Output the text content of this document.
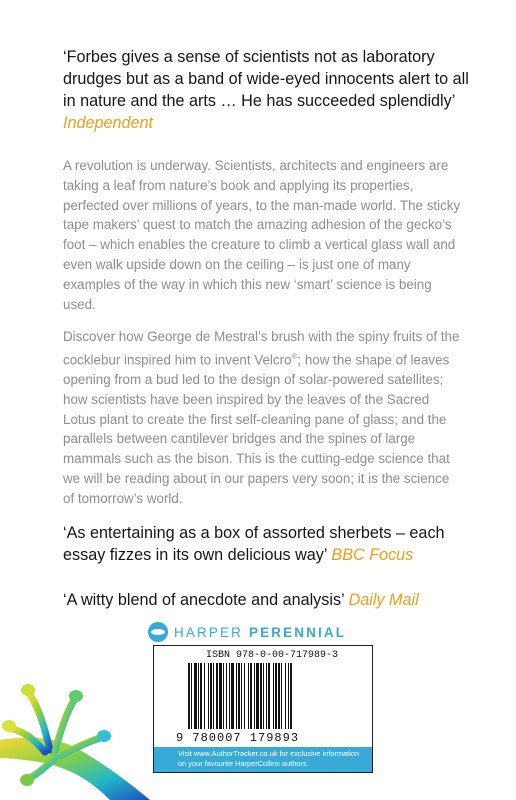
‘Forbes gives a sense of scientists not as laboratory drudges but as a band of wide-eyed innocents alert to all in nature and the arts … He has succeeded splendidly’ Independent

A revolution is underway. Scientists, architects and engineers are taking a leaf from nature’s book and applying its properties, perfected over millions of years, to the man-made world. The sticky tape makers’ quest to match the amazing adhesion of the gecko’s foot – which enables the creature to climb a vertical glass wall and even walk upside down on the ceiling – is just one of many examples of the way in which this new ‘smart’ science is being used.

Discover how George de Mestral’s brush with the spiny fruits of the cocklebur inspired him to invent Velcro®; how the shape of leaves opening from a bud led to the design of solar-powered satellites; how scientists have been inspired by the leaves of the Sacred Lotus plant to create the first self-cleaning pane of glass; and the parallels between cantilever bridges and the spines of large mammals such as the bison. This is the cutting-edge science that we will be reading about in our papers very soon; it is the science of tomorrow’s world.

‘As entertaining as a box of assorted sherbets – each essay fizzes in its own delicious way’ BBC Focus
‘A witty blend of anecdote and analysis’ Daily Mail
HARPER PERENNIAL
ISBN 978-0-00-717989-3
9 780007 179893
Visit www.AuthorTracker.co.uk for exclusive information on your favourite HarperCollins authors.
